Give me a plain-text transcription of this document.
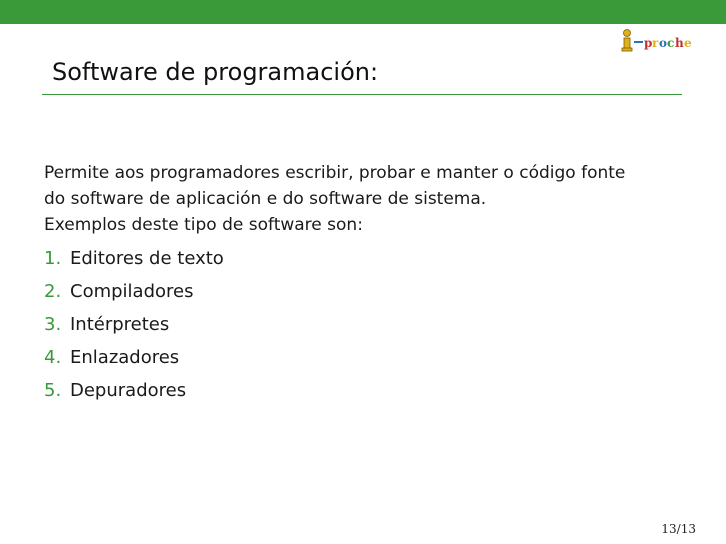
p r o c h e
Software de programación:

Permite aos programadores escribir, probar e manter o código fonte

do software de aplicación e do software de sistema.

Exemplos deste tipo de software son:

1. Editores de texto
2. Compiladores
3. Intérpretes
4. Enlazadores
5. Depuradores
13/13
